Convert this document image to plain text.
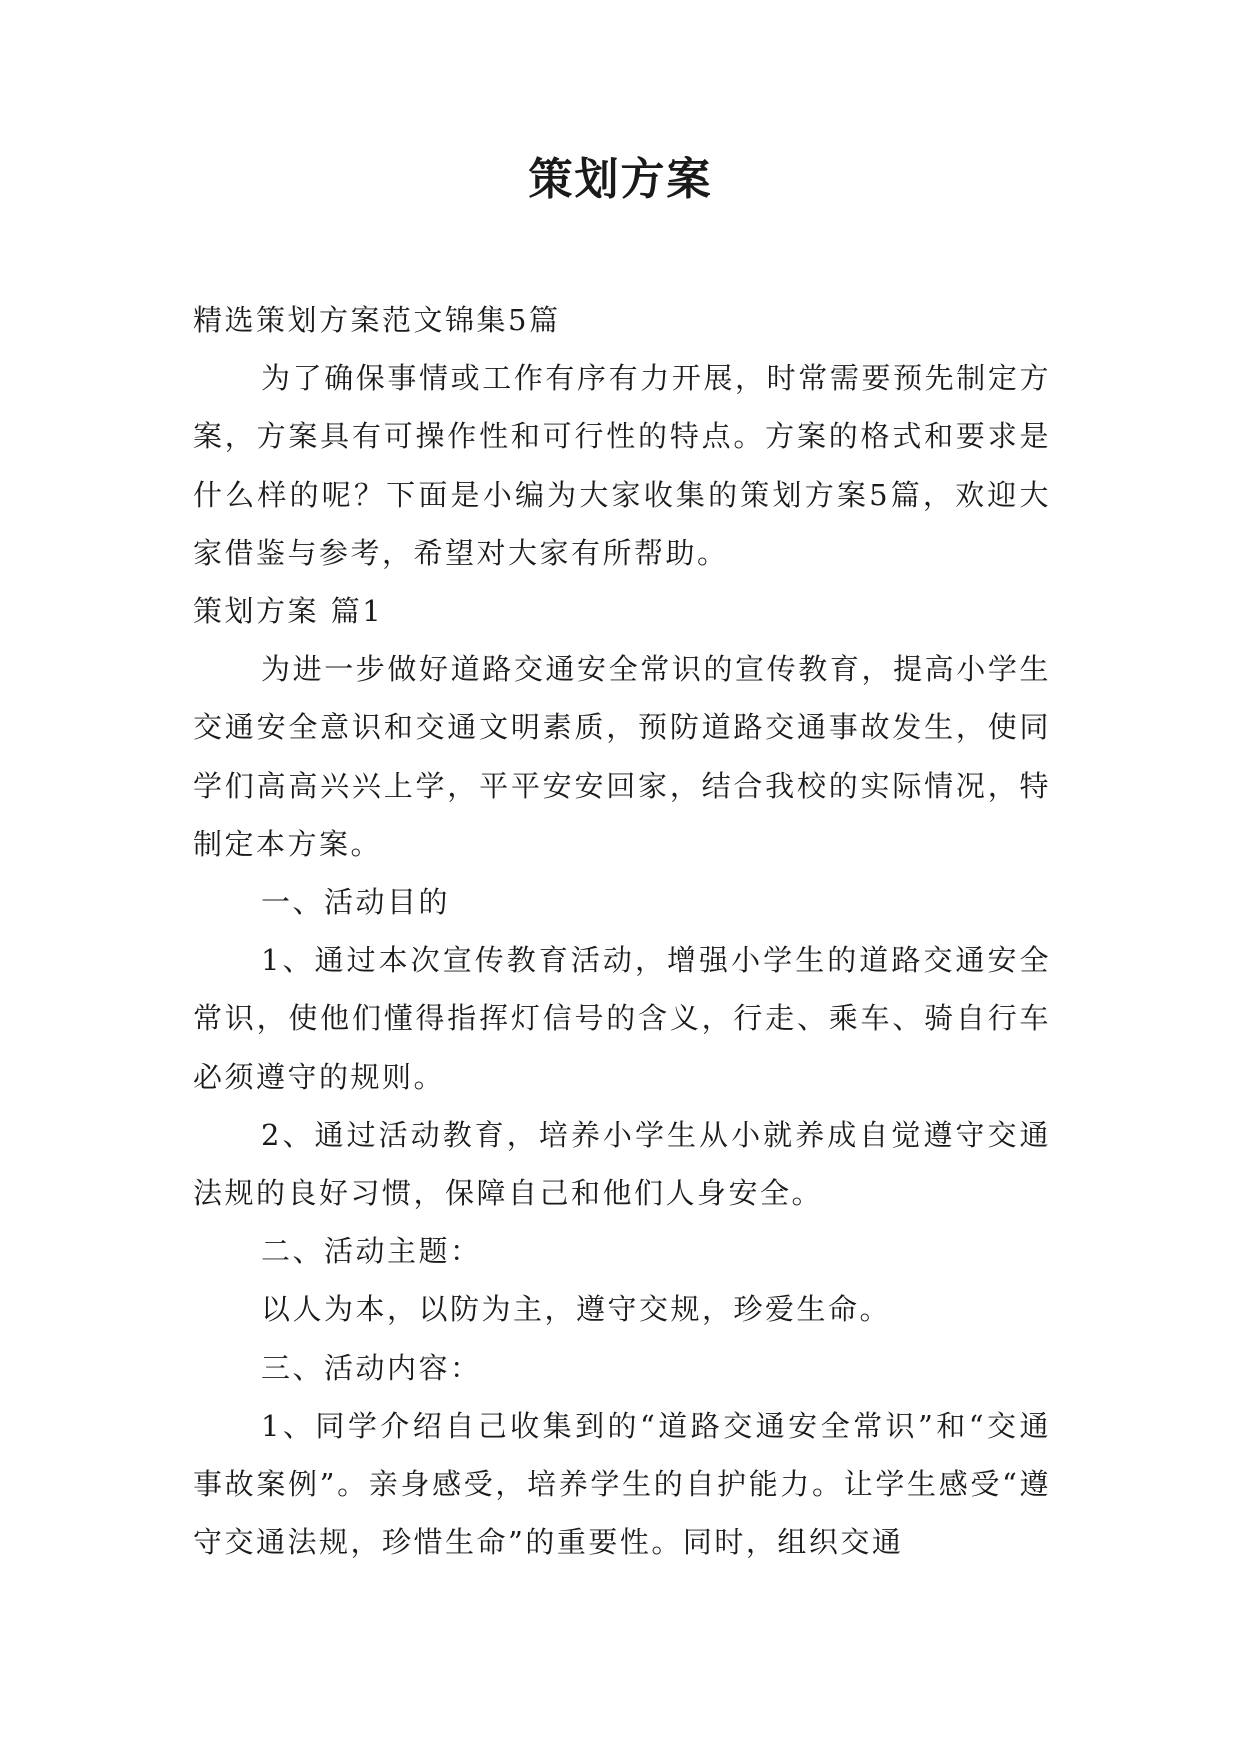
策划方案

精选策划方案范文锦集5篇

为了确保事情或工作有序有力开展，时常需要预先制定方案，方案具有可操作性和可行性的特点。方案的格式和要求是什么样的呢？下面是小编为大家收集的策划方案5篇，欢迎大家借鉴与参考，希望对大家有所帮助。

策划方案 篇1

为进一步做好道路交通安全常识的宣传教育，提高小学生交通安全意识和交通文明素质，预防道路交通事故发生，使同学们高高兴兴上学，平平安安回家，结合我校的实际情况，特制定本方案。

一、活动目的

1、通过本次宣传教育活动，增强小学生的道路交通安全常识，使他们懂得指挥灯信号的含义，行走、乘车、骑自行车必须遵守的规则。

2、通过活动教育，培养小学生从小就养成自觉遵守交通法规的良好习惯，保障自己和他们人身安全。

二、活动主题：

以人为本，以防为主，遵守交规，珍爱生命。

三、活动内容：

1、同学介绍自己收集到的“道路交通安全常识”和“交通事故案例”。亲身感受，培养学生的自护能力。让学生感受“遵守交通法规，珍惜生命”的重要性。同时，组织交通
